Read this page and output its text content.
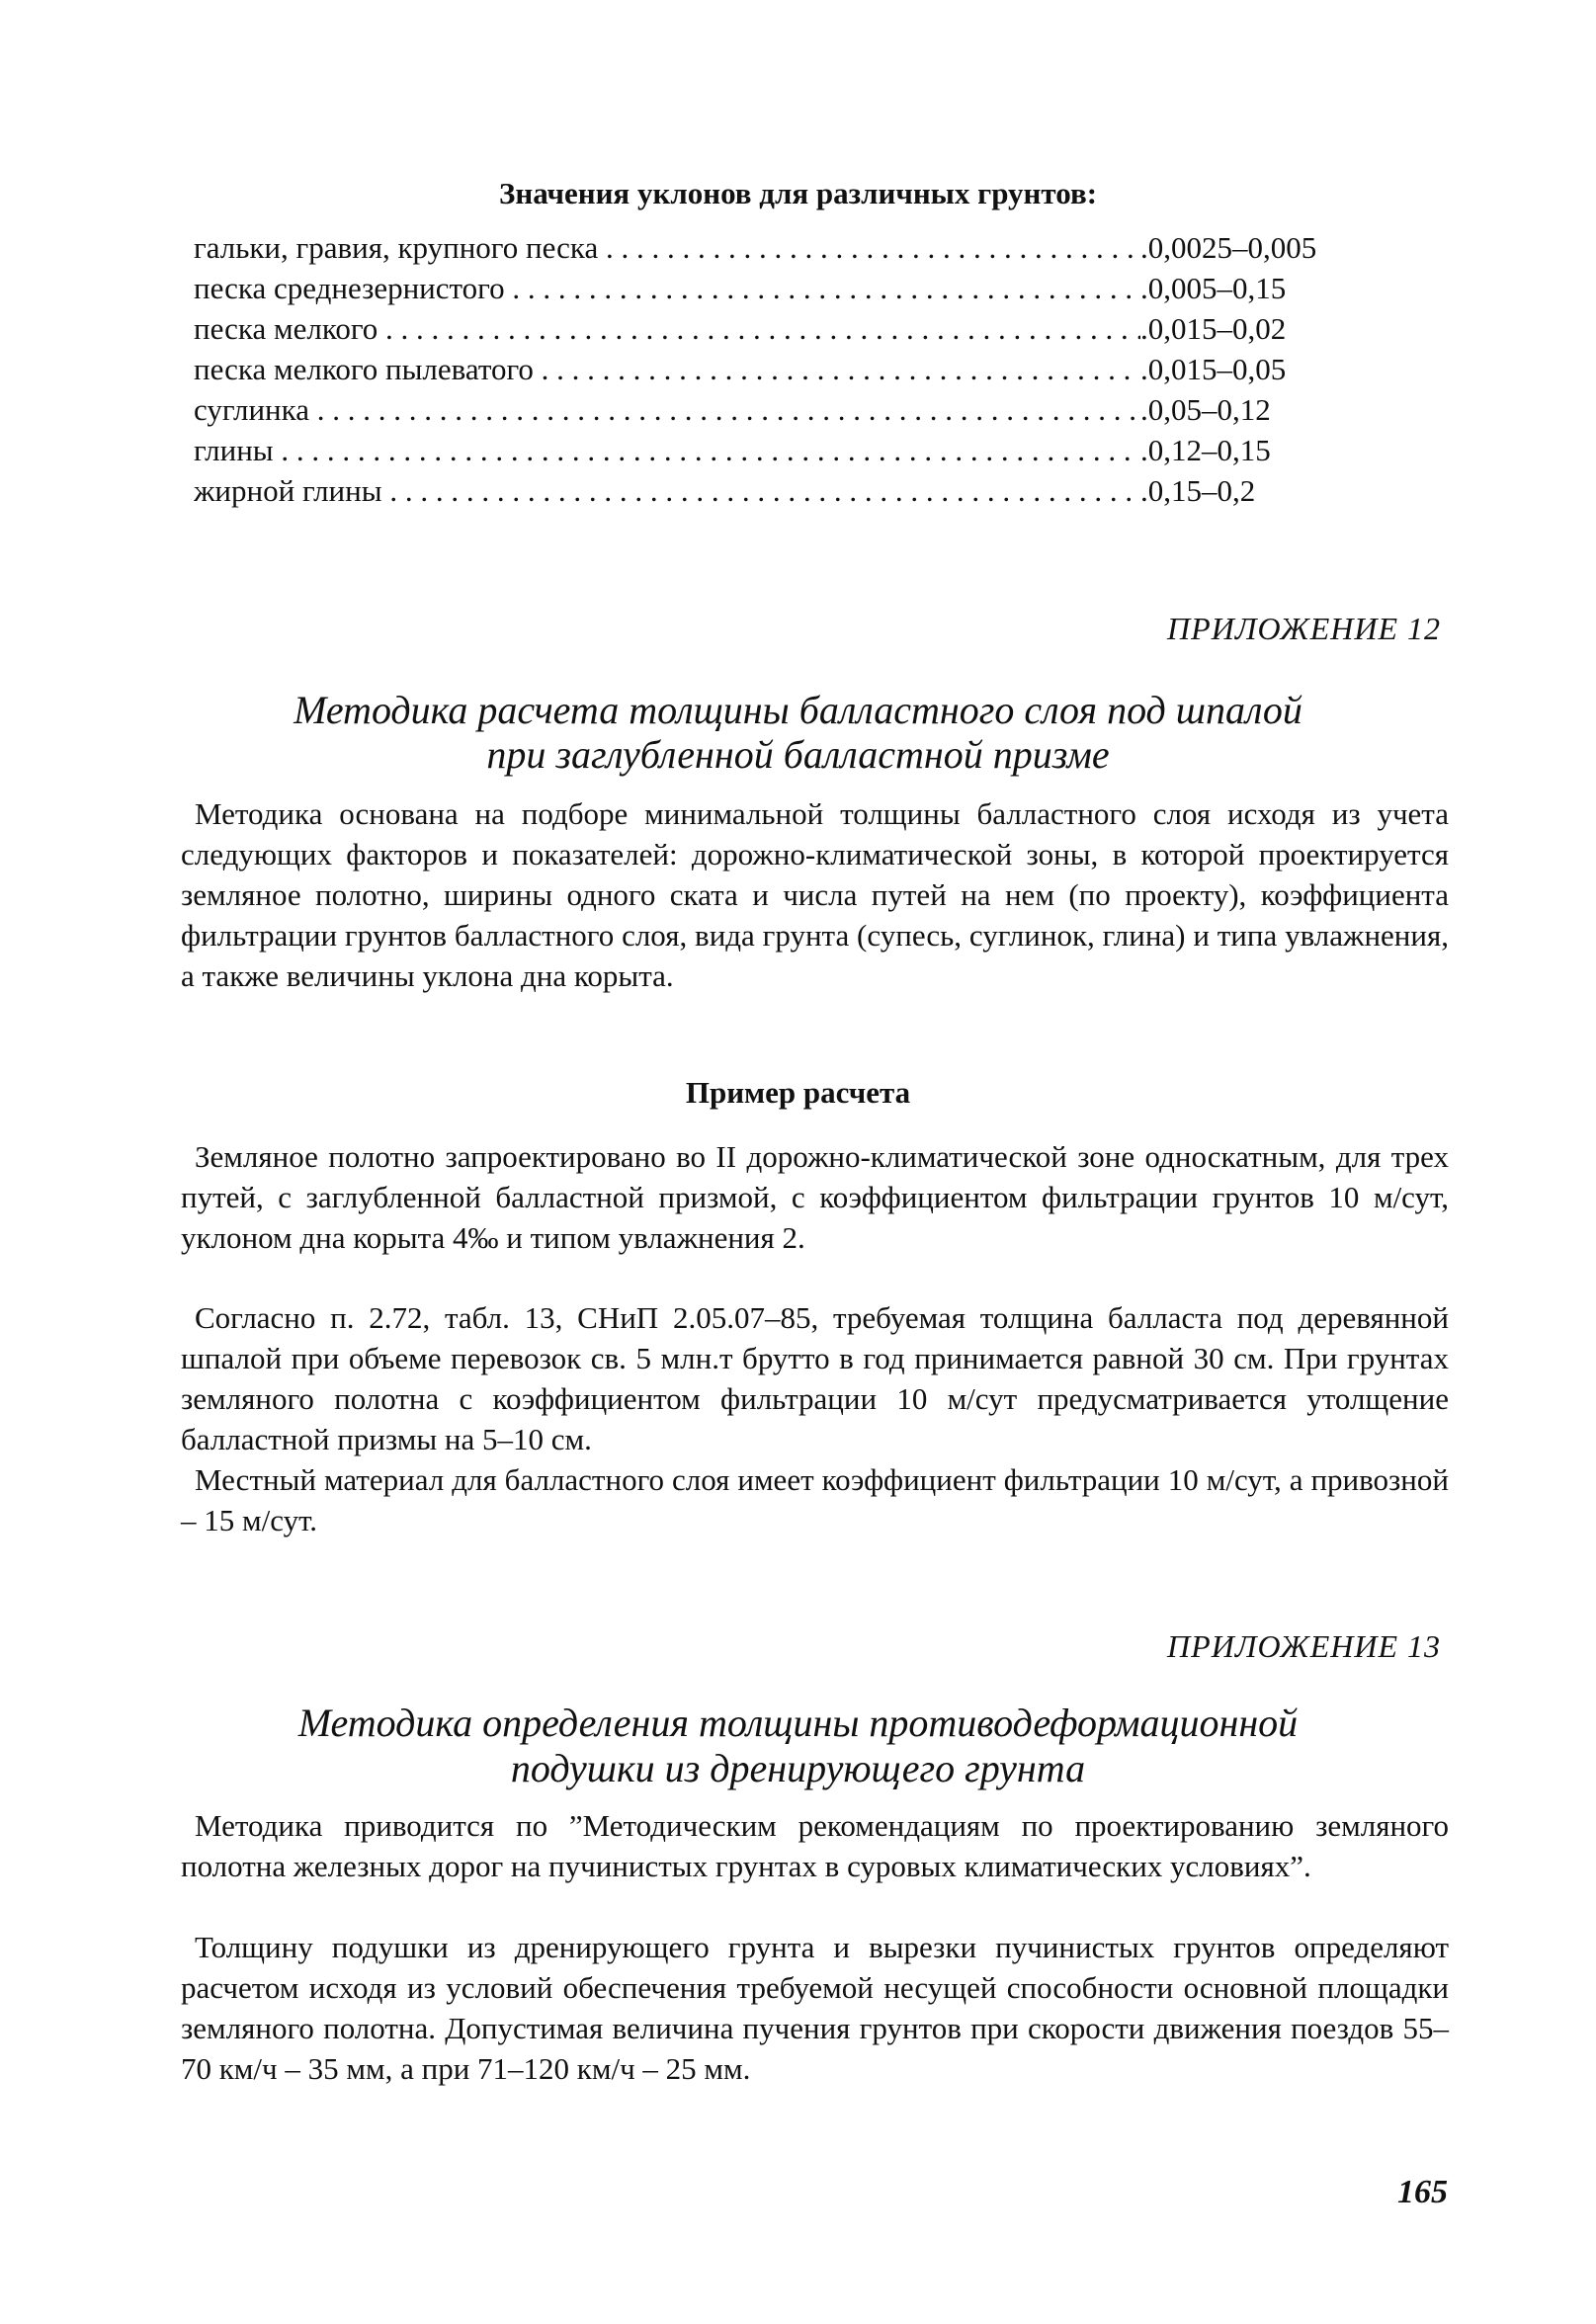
Значения уклонов для различных грунтов:
гальки, гравия, крупного песка . . .	.0,0025–0,005
песка среднезернистого . . .	.0,005–0,15
песка мелкого . . .	.0,015–0,02
песка мелкого пылеватого . . .	.0,015–0,05
суглинка . . .	.0,05–0,12
глины . . .	.0,12–0,15
жирной глины . . .	.0,15–0,2
ПРИЛОЖЕНИЕ 12
Методика расчета толщины балластного слоя под шпалой
при заглубленной балластной призме

Методика основана на подборе минимальной толщины балластного слоя исходя из учета следующих факторов и показателей: дорожно-климатической зоны, в которой проектируется земляное полотно, ширины одного ската и числа путей на нем (по проекту), коэффициента фильтрации грунтов балластного слоя, вида грунта (супесь, суглинок, глина) и типа увлажнения, а также величины уклона дна корыта.

Пример расчета

Земляное полотно запроектировано во II дорожно-климатической зоне односкатным, для трех путей, с заглубленной балластной призмой, с коэффициентом фильтрации грунтов 10 м/сут, уклоном дна корыта 4‰ и типом увлажнения 2.

Согласно п. 2.72, табл. 13, СНиП 2.05.07–85, требуемая толщина балласта под деревянной шпалой при объеме перевозок св. 5 млн.т брутто в год принимается равной 30 см. При грунтах земляного полотна с коэффициентом фильтрации 10 м/сут предусматривается утолщение балластной призмы на 5–10 см.

Местный материал для балластного слоя имеет коэффициент фильтрации 10 м/сут, а привозной – 15 м/сут.

ПРИЛОЖЕНИЕ 13
Методика определения толщины противодеформационной
подушки из дренирующего грунта

Методика приводится по ”Методическим рекомендациям по проектированию земляного полотна железных дорог на пучинистых грунтах в суровых климатических условиях”.

Толщину подушки из дренирующего грунта и вырезки пучинистых грунтов определяют расчетом исходя из условий обеспечения требуемой несущей способности основной площадки земляного полотна. Допустимая величина пучения грунтов при скорости движения поездов 55–70 км/ч – 35 мм, а при 71–120 км/ч – 25 мм.

165
